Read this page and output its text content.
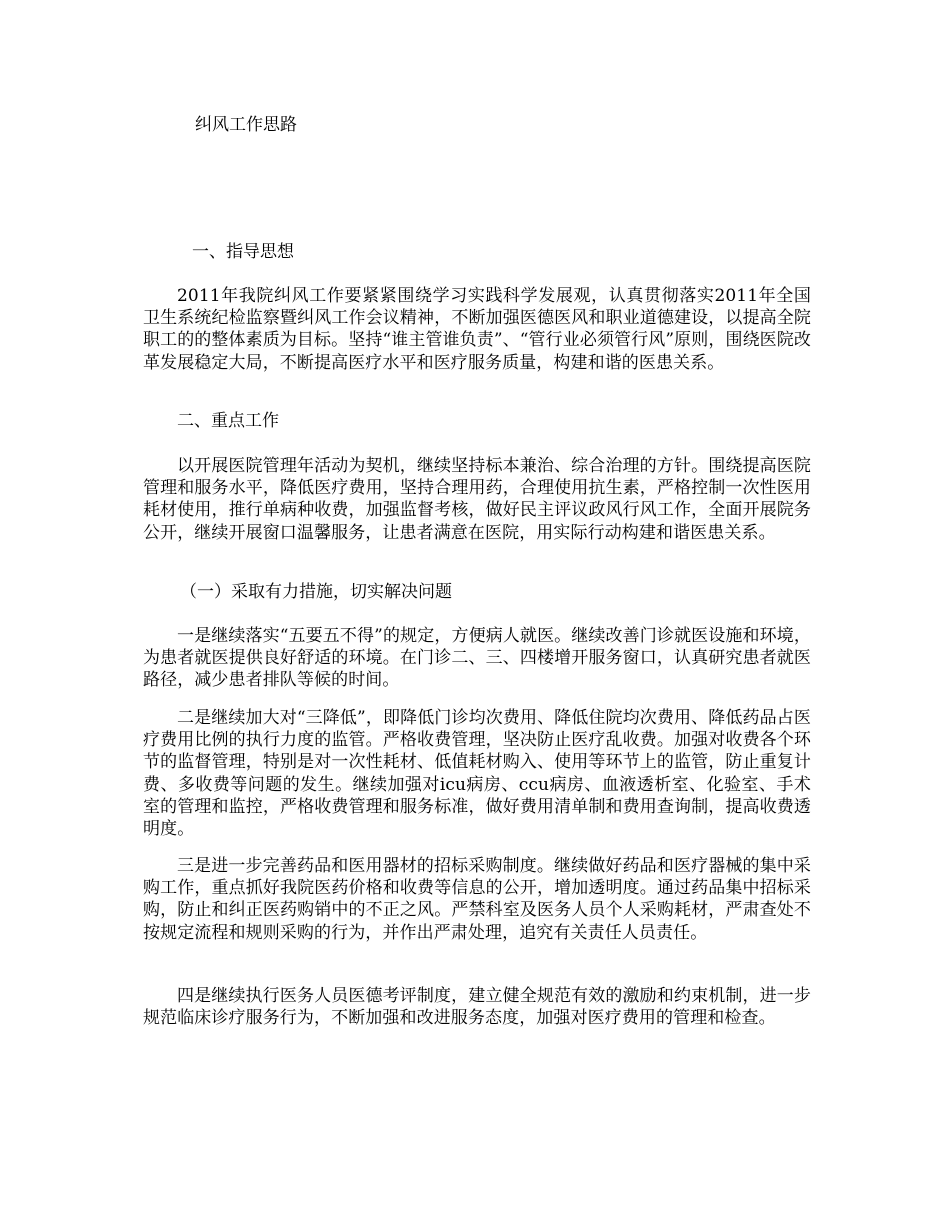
纠风工作思路
一、指导思想

2011年我院纠风工作要紧紧围绕学习实践科学发展观，认真贯彻落实2011年全国卫生系统纪检监察暨纠风工作会议精神，不断加强医德医风和职业道德建设，以提高全院职工的的整体素质为目标。坚持“谁主管谁负责”、“管行业必须管行风”原则，围绕医院改革发展稳定大局，不断提高医疗水平和医疗服务质量，构建和谐的医患关系。

二、重点工作

以开展医院管理年活动为契机，继续坚持标本兼治、综合治理的方针。围绕提高医院管理和服务水平，降低医疗费用，坚持合理用药，合理使用抗生素，严格控制一次性医用耗材使用，推行单病种收费，加强监督考核，做好民主评议政风行风工作，全面开展院务公开，继续开展窗口温馨服务，让患者满意在医院，用实际行动构建和谐医患关系。

（一）采取有力措施，切实解决问题

一是继续落实“五要五不得”的规定，方便病人就医。继续改善门诊就医设施和环境，为患者就医提供良好舒适的环境。在门诊二、三、四楼增开服务窗口，认真研究患者就医路径，减少患者排队等候的时间。

二是继续加大对“三降低”，即降低门诊均次费用、降低住院均次费用、降低药品占医疗费用比例的执行力度的监管。严格收费管理，坚决防止医疗乱收费。加强对收费各个环节的监督管理，特别是对一次性耗材、低值耗材购入、使用等环节上的监管，防止重复计费、多收费等问题的发生。继续加强对icu病房、ccu病房、血液透析室、化验室、手术室的管理和监控，严格收费管理和服务标准，做好费用清单制和费用查询制，提高收费透明度。

三是进一步完善药品和医用器材的招标采购制度。继续做好药品和医疗器械的集中采购工作，重点抓好我院医药价格和收费等信息的公开，增加透明度。通过药品集中招标采购，防止和纠正医药购销中的不正之风。严禁科室及医务人员个人采购耗材，严肃查处不按规定流程和规则采购的行为，并作出严肃处理，追究有关责任人员责任。

四是继续执行医务人员医德考评制度，建立健全规范有效的激励和约束机制，进一步规范临床诊疗服务行为，不断加强和改进服务态度，加强对医疗费用的管理和检查。
